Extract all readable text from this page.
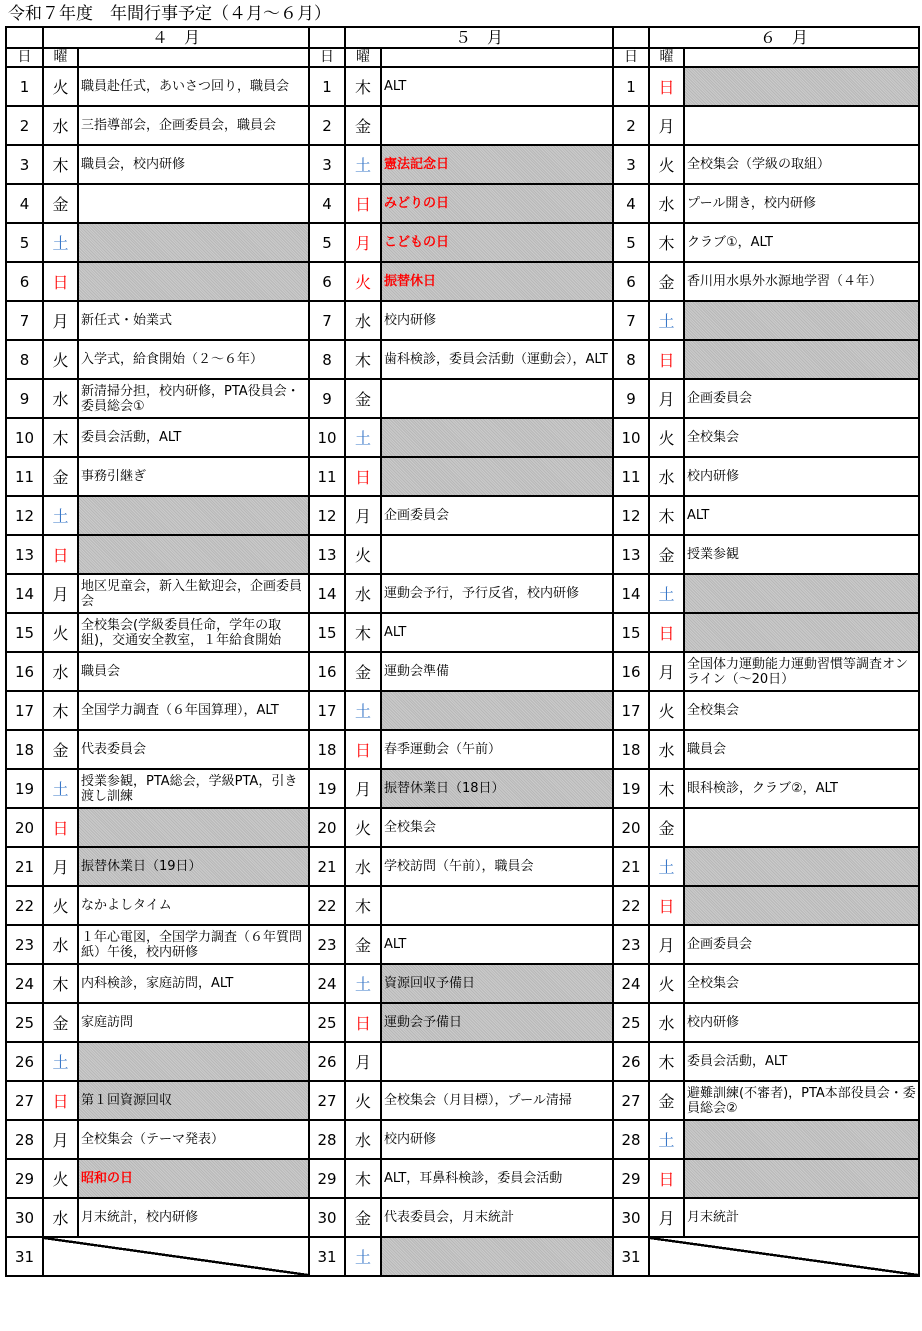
令和７年度　年間行事予定（４月～６月）
	４　月			５　月			６　月	
日	曜		日	曜		日	曜	
1	火	職員赴任式，あいさつ回り，職員会	1	木	ALT	1	日	
2	水	三指導部会，企画委員会，職員会	2	金		2	月	
3	木	職員会，校内研修	3	土	憲法記念日	3	火	全校集会（学級の取組）
4	金		4	日	みどりの日	4	水	プール開き，校内研修
5	土		5	月	こどもの日	5	木	クラブ①，ALT
6	日		6	火	振替休日	6	金	香川用水県外水源地学習（４年）
7	月	新任式・始業式	7	水	校内研修	7	土	
8	火	入学式，給食開始（２～６年）	8	木	歯科検診，委員会活動（運動会），ALT	8	日	
9	水	新清掃分担，校内研修，PTA役員会・委員総会①	9	金		9	月	企画委員会
10	木	委員会活動，ALT	10	土		10	火	全校集会
11	金	事務引継ぎ	11	日		11	水	校内研修
12	土		12	月	企画委員会	12	木	ALT
13	日		13	火		13	金	授業参観
14	月	地区児童会，新入生歓迎会，企画委員会	14	水	運動会予行，予行反省，校内研修	14	土	
15	火	全校集会(学級委員任命，学年の取組)，交通安全教室，１年給食開始	15	木	ALT	15	日	
16	水	職員会	16	金	運動会準備	16	月	全国体力運動能力運動習慣等調査オンライン（～20日）
17	木	全国学力調査（６年国算理），ALT	17	土		17	火	全校集会
18	金	代表委員会	18	日	春季運動会（午前）	18	水	職員会
19	土	授業参観，PTA総会，学級PTA，引き渡し訓練	19	月	振替休業日（18日）	19	木	眼科検診，クラブ②，ALT
20	日		20	火	全校集会	20	金	
21	月	振替休業日（19日）	21	水	学校訪問（午前），職員会	21	土	
22	火	なかよしタイム	22	木		22	日	
23	水	１年心電図，全国学力調査（６年質問紙）午後，校内研修	23	金	ALT	23	月	企画委員会
24	木	内科検診，家庭訪問，ALT	24	土	資源回収予備日	24	火	全校集会
25	金	家庭訪問	25	日	運動会予備日	25	水	校内研修
26	土		26	月		26	木	委員会活動，ALT
27	日	第１回資源回収	27	火	全校集会（月目標），プール清掃	27	金	避難訓練(不審者)，PTA本部役員会・委員総会②
28	月	全校集会（テーマ発表）	28	水	校内研修	28	土	
29	火	昭和の日	29	木	ALT，耳鼻科検診，委員会活動	29	日	
30	水	月末統計，校内研修	30	金	代表委員会，月末統計	30	月	月末統計
31			31	土		31		
